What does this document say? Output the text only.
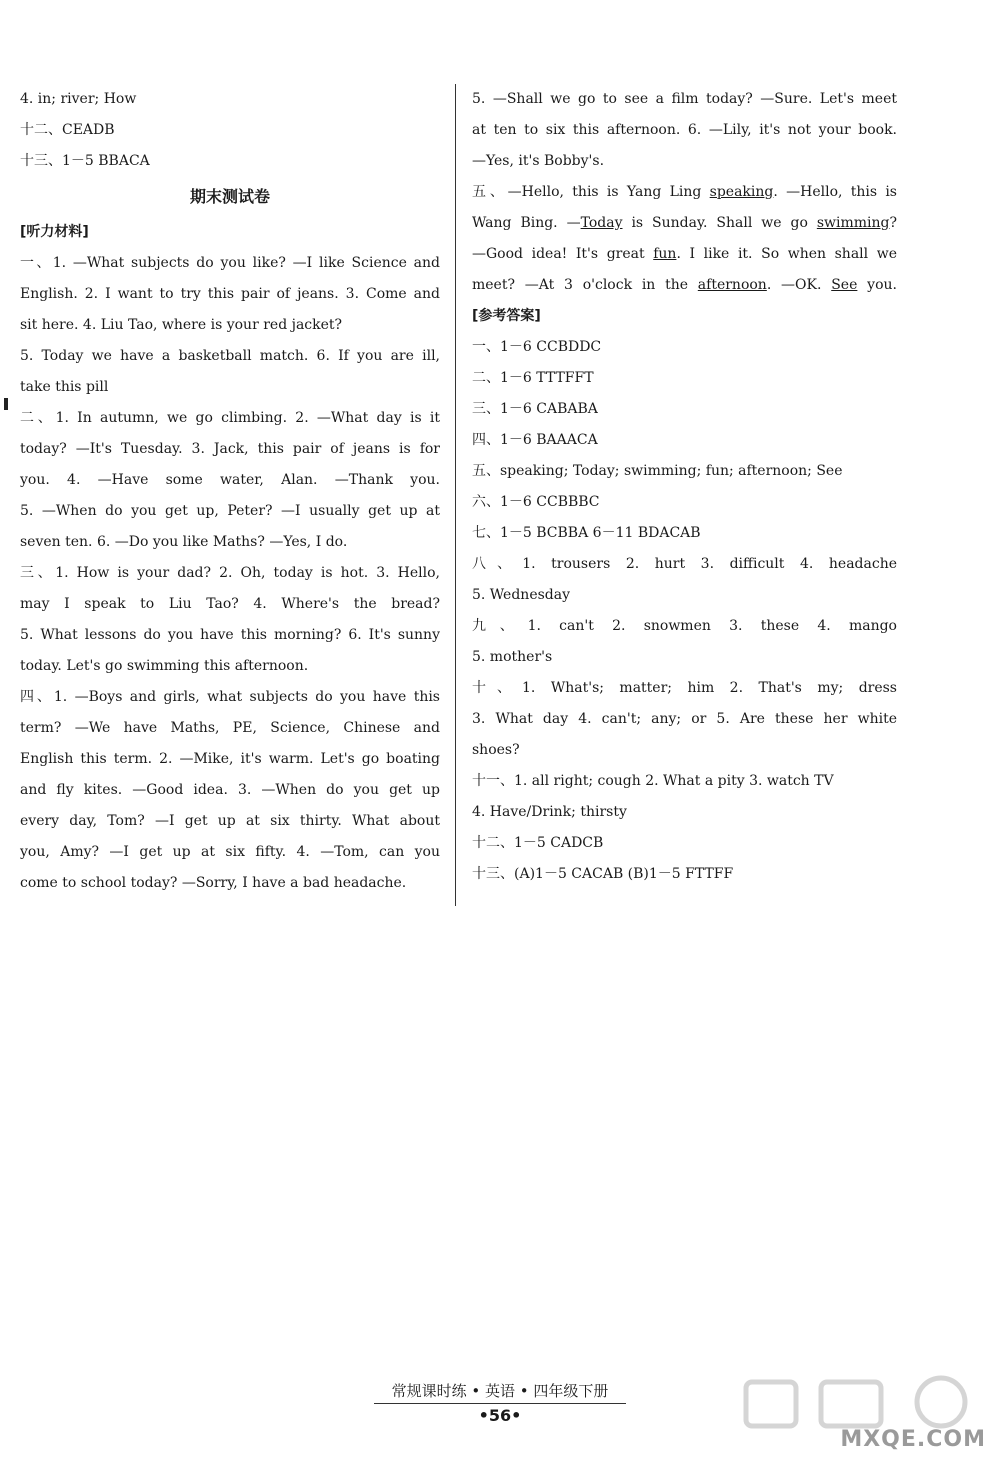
4. in; river; How
十二、CEADB
十三、1－5 BBACA
期末测试卷
[听力材料]
一、1. —What subjects do you like? —I like Science and
English. 2. I want to try this pair of jeans. 3. Come and
sit here. 4. Liu Tao, where is your red jacket?
5. Today we have a basketball match. 6. If you are ill,
take this pill
二、1. In autumn, we go climbing. 2. —What day is it
today? —It's Tuesday. 3. Jack, this pair of jeans is for
you. 4. —Have some water, Alan. —Thank you.
5. —When do you get up, Peter? —I usually get up at
seven ten. 6. —Do you like Maths? —Yes, I do.
三、1. How is your dad? 2. Oh, today is hot. 3. Hello,
may I speak to Liu Tao? 4. Where's the bread?
5. What lessons do you have this morning? 6. It's sunny
today. Let's go swimming this afternoon.
四、1. —Boys and girls, what subjects do you have this
term? —We have Maths, PE, Science, Chinese and
English this term. 2. —Mike, it's warm. Let's go boating
and fly kites. —Good idea. 3. —When do you get up
every day, Tom? —I get up at six thirty. What about
you, Amy? —I get up at six fifty. 4. —Tom, can you
come to school today? —Sorry, I have a bad headache.
5. —Shall we go to see a film today? —Sure. Let's meet
at ten to six this afternoon. 6. —Lily, it's not your book.
—Yes, it's Bobby's.
五、—Hello, this is Yang Ling speaking. —Hello, this is
Wang Bing. —Today is Sunday. Shall we go swimming?
—Good idea! It's great fun. I like it. So when shall we
meet? —At 3 o'clock in the afternoon. —OK. See you.
[参考答案]
一、1－6 CCBDDC
二、1－6 TTTFFT
三、1－6 CABABA
四、1－6 BAAACA
五、speaking; Today; swimming; fun; afternoon; See
六、1－6 CCBBBC
七、1－5 BCBBA 6－11 BDACAB
八、1. trousers 2. hurt 3. difficult 4. headache
5. Wednesday
九、1. can't 2. snowmen 3. these 4. mango
5. mother's
十、1. What's; matter; him 2. That's my; dress
3. What day 4. can't; any; or 5. Are these her white
shoes?
十一、1. all right; cough 2. What a pity 3. watch TV
4. Have/Drink; thirsty
十二、1－5 CADCB
十三、(A)1－5 CACAB (B)1－5 FTTFF
常规课时练 • 英语 • 四年级下册
•56•
MXQE.COM
